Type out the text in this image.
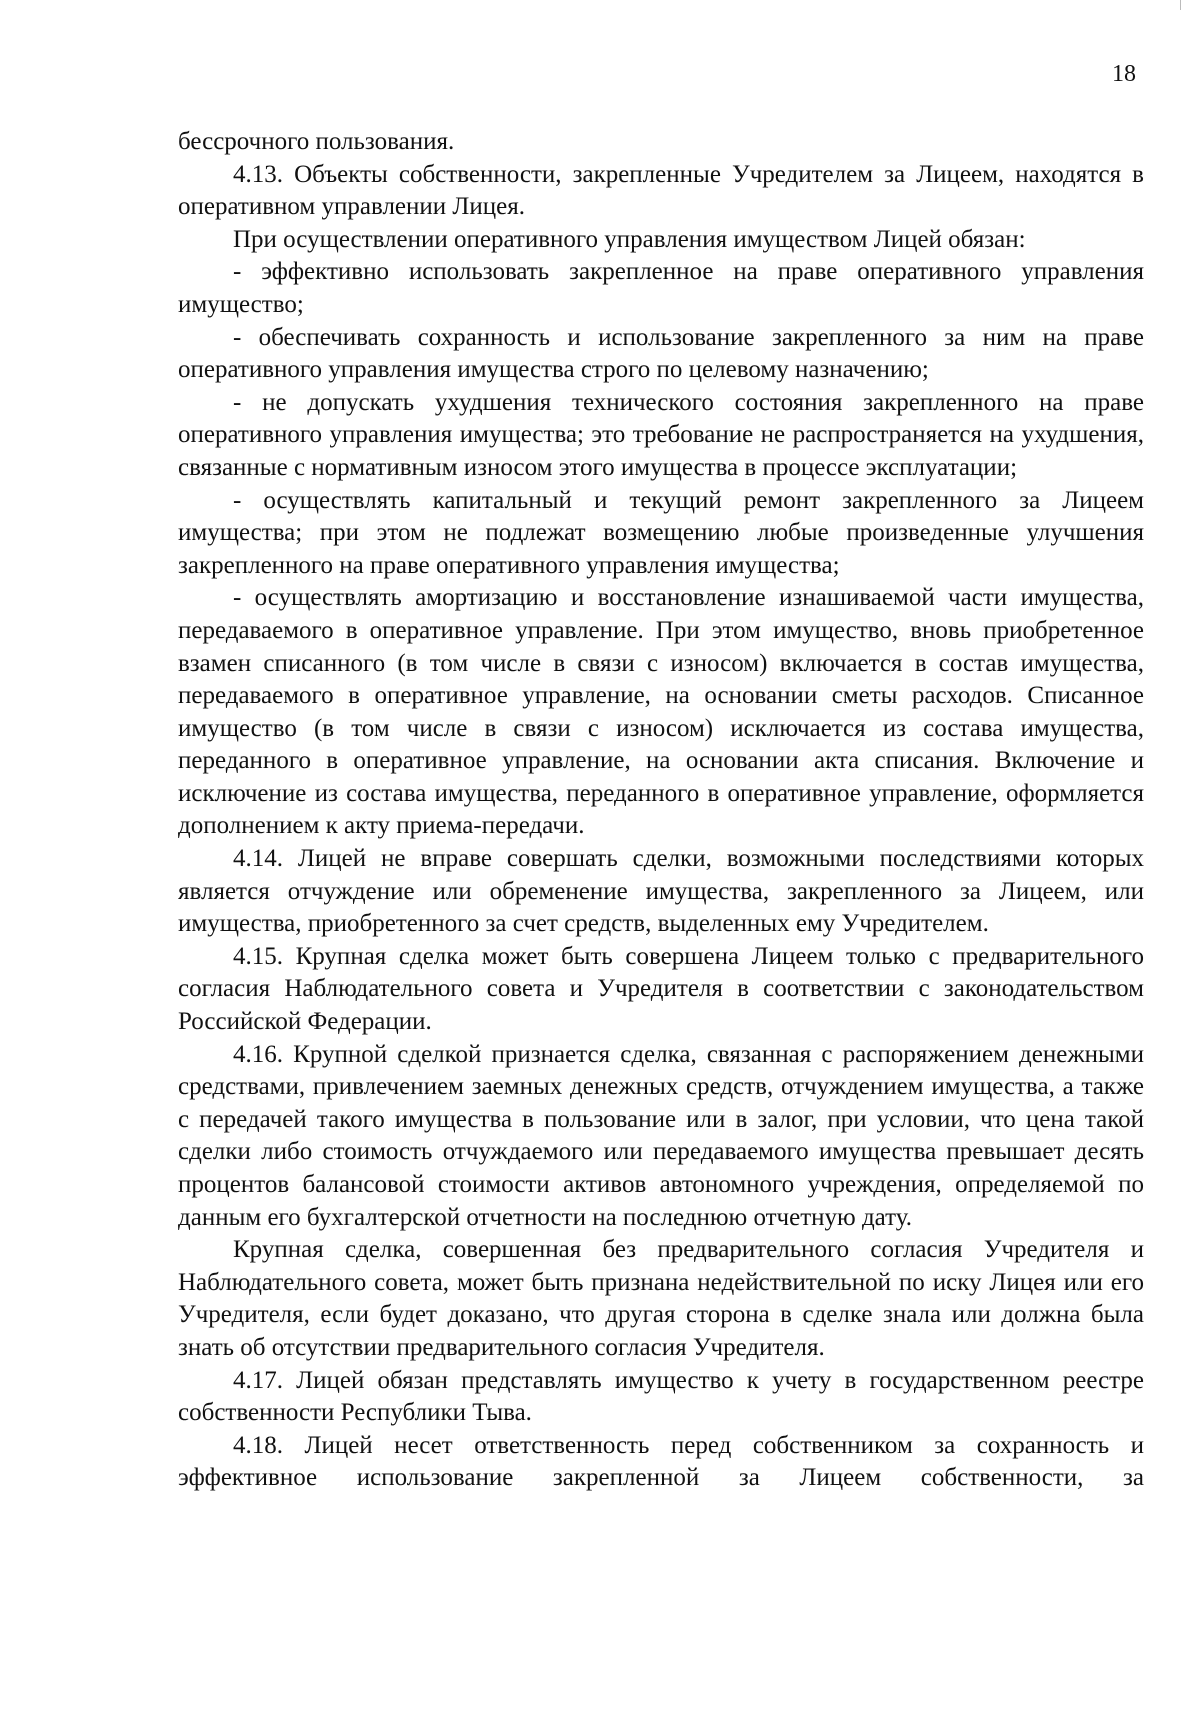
18

бессрочного пользования.

4.13. Объекты собственности, закрепленные Учредителем за Лицеем, находятся в оперативном управлении Лицея.

При осуществлении оперативного управления имуществом Лицей обязан:

- эффективно использовать закрепленное на праве оперативного управления имущество;

- обеспечивать сохранность и использование закрепленного за ним на праве оперативного управления имущества строго по целевому назначению;

- не допускать ухудшения технического состояния закрепленного на праве оперативного управления имущества; это требование не распространяется на ухудшения, связанные с нормативным износом этого имущества в процессе эксплуатации;

- осуществлять капитальный и текущий ремонт закрепленного за Лицеем имущества; при этом не подлежат возмещению любые произведенные улучшения закрепленного на праве оперативного управления имущества;

- осуществлять амортизацию и восстановление изнашиваемой части имущества, передаваемого в оперативное управление. При этом имущество, вновь приобретенное взамен списанного (в том числе в связи с износом) включается в состав имущества, передаваемого в оперативное управление, на основании сметы расходов. Списанное имущество (в том числе в связи с износом) исключается из состава имущества, переданного в оперативное управление, на основании акта списания. Включение и исключение из состава имущества, переданного в оперативное управление, оформляется дополнением к акту приема-передачи.

4.14. Лицей не вправе совершать сделки, возможными последствиями которых является отчуждение или обременение имущества, закрепленного за Лицеем, или имущества, приобретенного за счет средств, выделенных ему Учредителем.

4.15. Крупная сделка может быть совершена Лицеем только с предварительного согласия Наблюдательного совета и Учредителя в соответствии с законодательством Российской Федерации.

4.16. Крупной сделкой признается сделка, связанная с распоряжением денежными средствами, привлечением заемных денежных средств, отчуждением имущества, а также с передачей такого имущества в пользование или в залог, при условии, что цена такой сделки либо стоимость отчуждаемого или передаваемого имущества превышает десять процентов балансовой стоимости активов автономного учреждения, определяемой по данным его бухгалтерской отчетности на последнюю отчетную дату.

Крупная сделка, совершенная без предварительного согласия Учредителя и Наблюдательного совета, может быть признана недействительной по иску Лицея или его Учредителя, если будет доказано, что другая сторона в сделке знала или должна была знать об отсутствии предварительного согласия Учредителя.

4.17. Лицей обязан представлять имущество к учету в государственном реестре собственности Республики Тыва.

4.18. Лицей несет ответственность перед собственником за сохранность и эффективное использование закрепленной за Лицеем собственности, за
